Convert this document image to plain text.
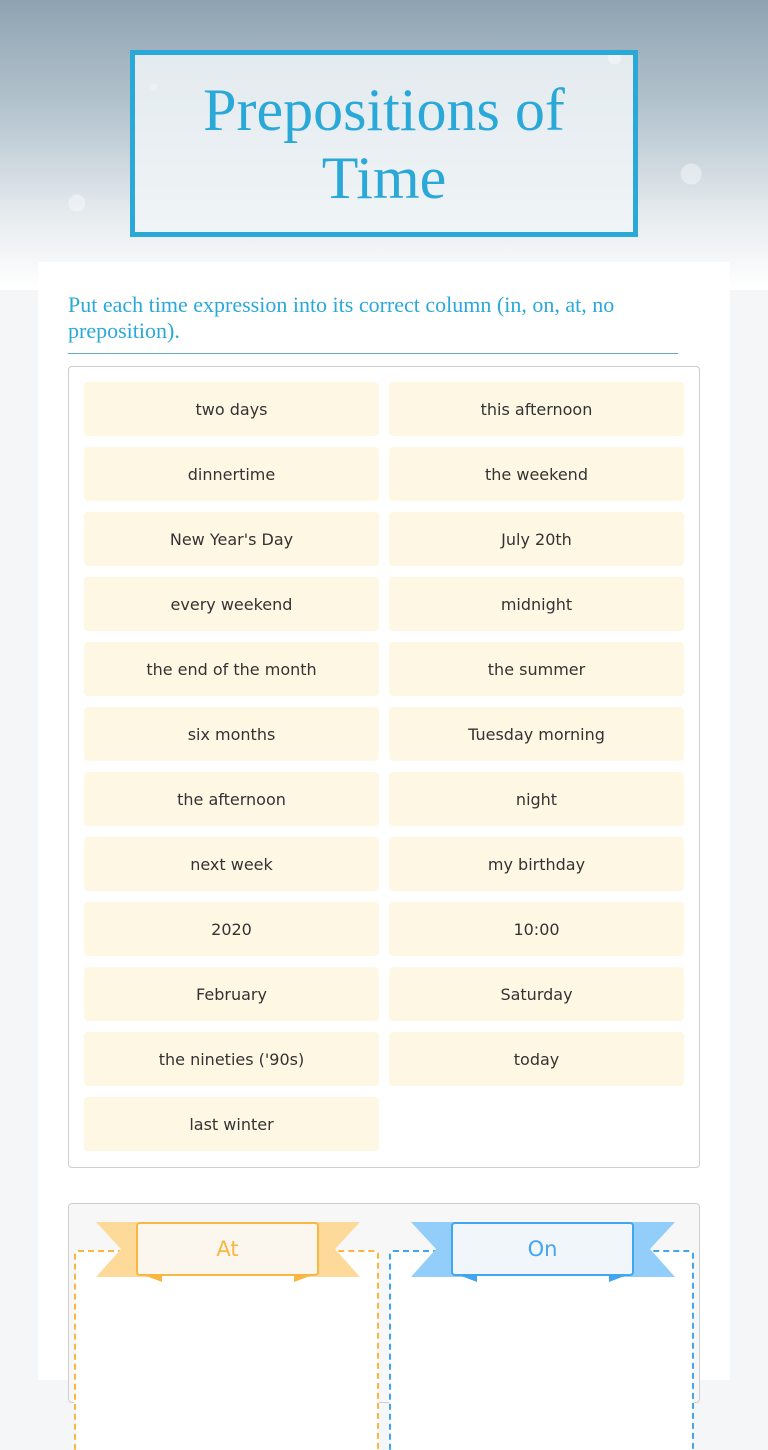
Prepositions of Time
Put each time expression into its correct column (in, on, at, no preposition).
two days	this afternoon
dinnertime	the weekend
New Year's Day	July 20th
every weekend	midnight
the end of the month	the summer
six months	Tuesday morning
the afternoon	night
next week	my birthday
2020	10:00
February	Saturday
the nineties ('90s)	today
last winter
At	On
